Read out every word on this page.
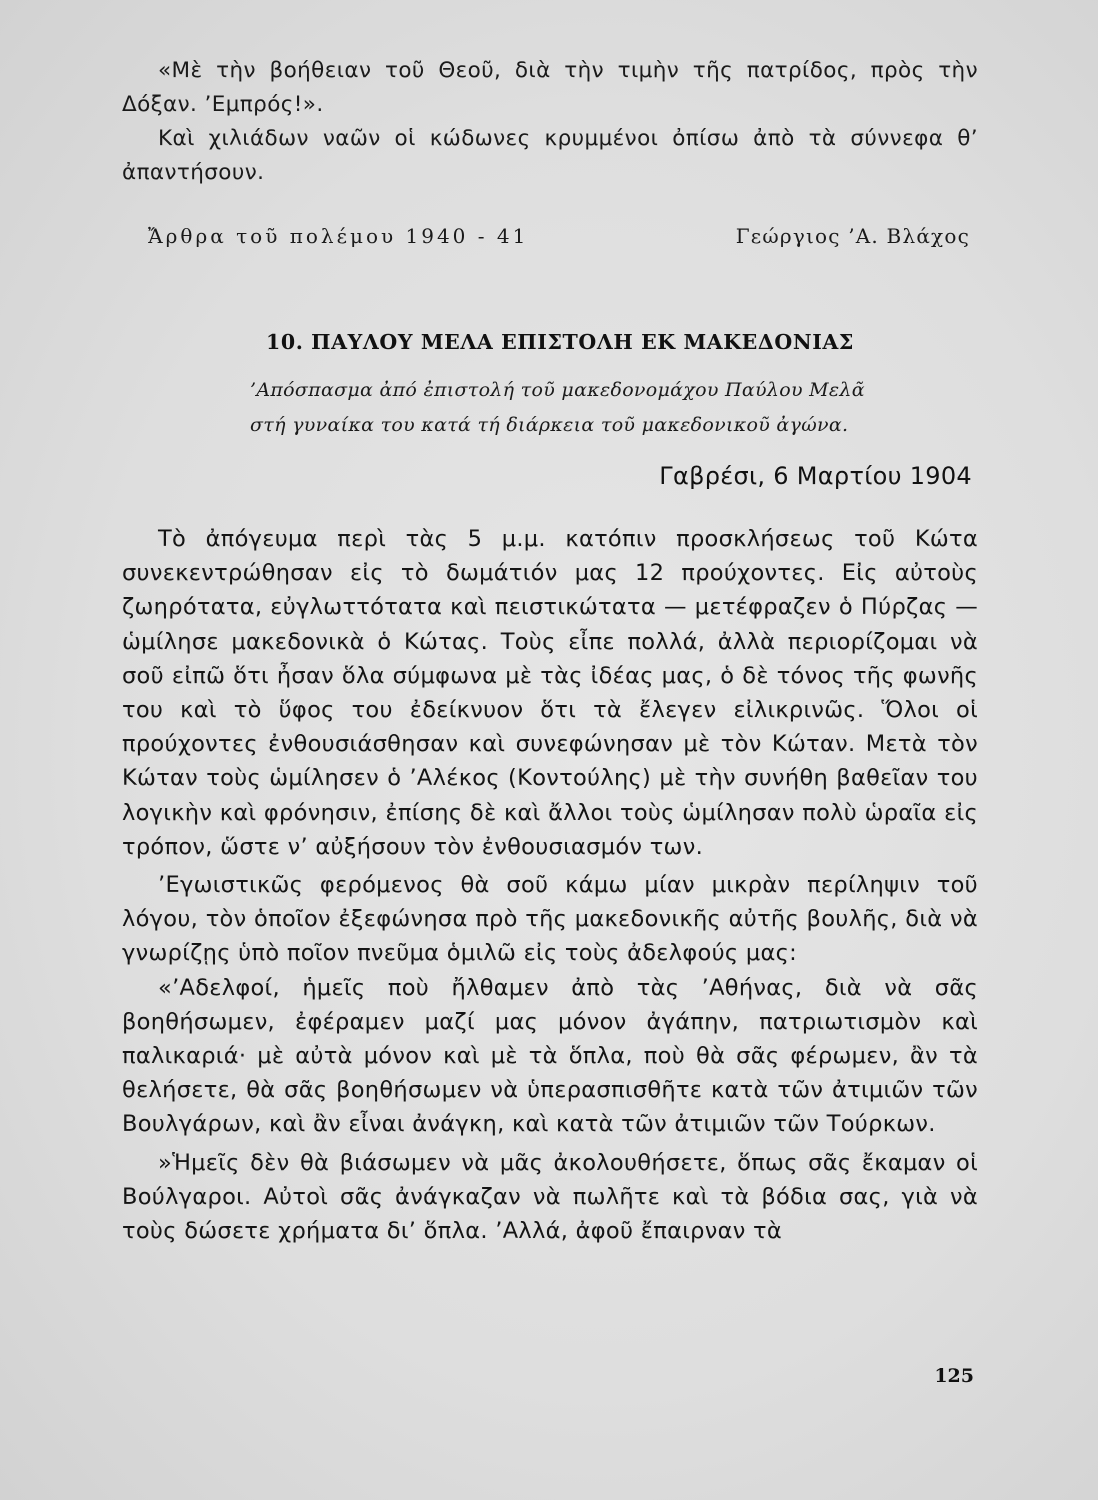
«Μὲ τὴν βοήθειαν τοῦ Θεοῦ, διὰ τὴν τιμὴν τῆς πατρίδος, πρὸς τὴν Δόξαν. ’Εμπρός!».

Καὶ χιλιάδων ναῶν οἱ κώδωνες κρυμμένοι ὀπίσω ἀπὸ τὰ σύννεφα θ’ ἀπαντήσουν.

Ἄρθρα τοῦ πολέμου 1940 - 41	Γεώργιος ’Α. Βλάχος
10. ΠΑΥΛΟΥ ΜΕΛΑ ΕΠΙΣΤΟΛΗ ΕΚ ΜΑΚΕΔΟΝΙΑΣ
’Απόσπασμα ἀπό ἐπιστολή τοῦ μακεδονομάχου Παύλου Μελᾶ
στή γυναίκα του κατά τή διάρκεια τοῦ μακεδονικοῦ ἀγώνα.
Γαβρέσι, 6 Μαρτίου 1904

Τὸ ἀπόγευμα περὶ τὰς 5 μ.μ. κατόπιν προσκλήσεως τοῦ Κώτα συνεκεντρώθησαν εἰς τὸ δωμάτιόν μας 12 προύχοντες. Εἰς αὐτοὺς ζωηρότατα, εὐγλωττότατα καὶ πειστικώτατα — μετέφραζεν ὁ Πύρζας — ὡμίλησε μακεδονικὰ ὁ Κώτας. Τοὺς εἶπε πολλά, ἀλλὰ περιορίζομαι νὰ σοῦ εἰπῶ ὅτι ἦσαν ὅλα σύμφωνα μὲ τὰς ἰδέας μας, ὁ δὲ τόνος τῆς φωνῆς του καὶ τὸ ὕφος του ἐδείκνυον ὅτι τὰ ἔλεγεν εἰλικρινῶς. Ὅλοι οἱ προύχοντες ἐνθουσιάσθησαν καὶ συνεφώνησαν μὲ τὸν Κώταν. Μετὰ τὸν Κώταν τοὺς ὡμίλησεν ὁ ’Αλέκος (Κοντούλης) μὲ τὴν συνήθη βαθεῖαν του λογικὴν καὶ φρόνησιν, ἐπίσης δὲ καὶ ἄλλοι τοὺς ὡμίλησαν πολὺ ὡραῖα εἰς τρόπον, ὥστε ν’ αὐξήσουν τὸν ἐνθουσιασμόν των.

’Εγωιστικῶς φερόμενος θὰ σοῦ κάμω μίαν μικρὰν περίληψιν τοῦ λόγου, τὸν ὁποῖον ἐξεφώνησα πρὸ τῆς μακεδονικῆς αὐτῆς βουλῆς, διὰ νὰ γνωρίζῃς ὑπὸ ποῖον πνεῦμα ὁμιλῶ εἰς τοὺς ἀδελφούς μας:

«’Αδελφοί, ἡμεῖς ποὺ ἤλθαμεν ἀπὸ τὰς ’Αθήνας, διὰ νὰ σᾶς βοηθήσωμεν, ἐφέραμεν μαζί μας μόνον ἀγάπην, πατριωτισμὸν καὶ παλικαριά· μὲ αὐτὰ μόνον καὶ μὲ τὰ ὅπλα, ποὺ θὰ σᾶς φέρωμεν, ἂν τὰ θελήσετε, θὰ σᾶς βοηθήσωμεν νὰ ὑπερασπισθῆτε κατὰ τῶν ἀτιμιῶν τῶν Βουλγάρων, καὶ ἂν εἶναι ἀνάγκη, καὶ κατὰ τῶν ἀτιμιῶν τῶν Τούρκων.

»Ἡμεῖς δὲν θὰ βιάσωμεν νὰ μᾶς ἀκολουθήσετε, ὅπως σᾶς ἔκαμαν οἱ Βούλγαροι. Αὐτοὶ σᾶς ἀνάγκαζαν νὰ πωλῆτε καὶ τὰ βόδια σας, γιὰ νὰ τοὺς δώσετε χρήματα δι’ ὅπλα. ’Αλλά, ἀφοῦ ἔπαιρναν τὰ

125
